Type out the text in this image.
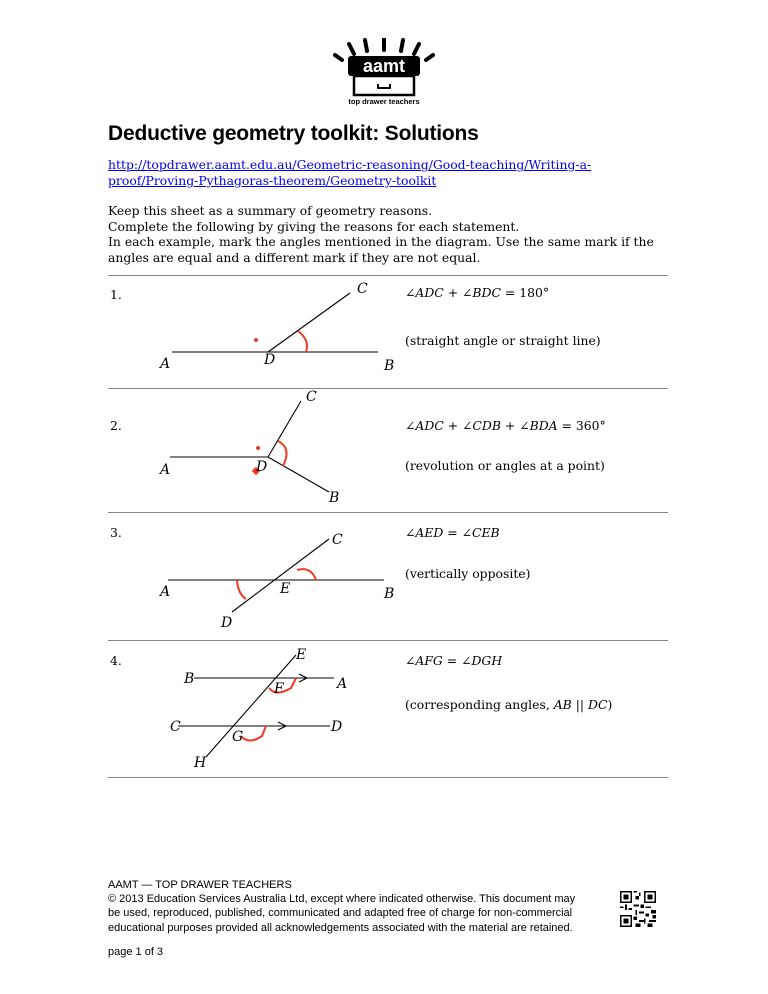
aamt
top drawer teachers
Deductive geometry toolkit: Solutions
http://topdrawer.aamt.edu.au/Geometric-reasoning/Good-teaching/Writing-a-
proof/Proving-Pythagoras-theorem/Geometry-toolkit
Keep this sheet as a summary of geometry reasons.
Complete the following by giving the reasons for each statement.
In each example, mark the angles mentioned in the diagram. Use the same mark if the
angles are equal and a different mark if they are not equal.
1.	∠ADC + ∠BDC = 180°
(straight angle or straight line)
C
A	D	B
2.	∠ADC + ∠CDB + ∠BDA = 360°
(revolution or angles at a point)
C
A	D
B
3.	∠AED = ∠CEB
(vertically opposite)
C
A	E	B
D
4.	∠AFG = ∠DGH
(corresponding angles, AB || DC)
E
B	A
F
C	D
G
H
AAMT — TOP DRAWER TEACHERS
© 2013 Education Services Australia Ltd, except where indicated otherwise. This document may
be used, reproduced, published, communicated and adapted free of charge for non-commercial
educational purposes provided all acknowledgements associated with the material are retained.
page 1 of 3
